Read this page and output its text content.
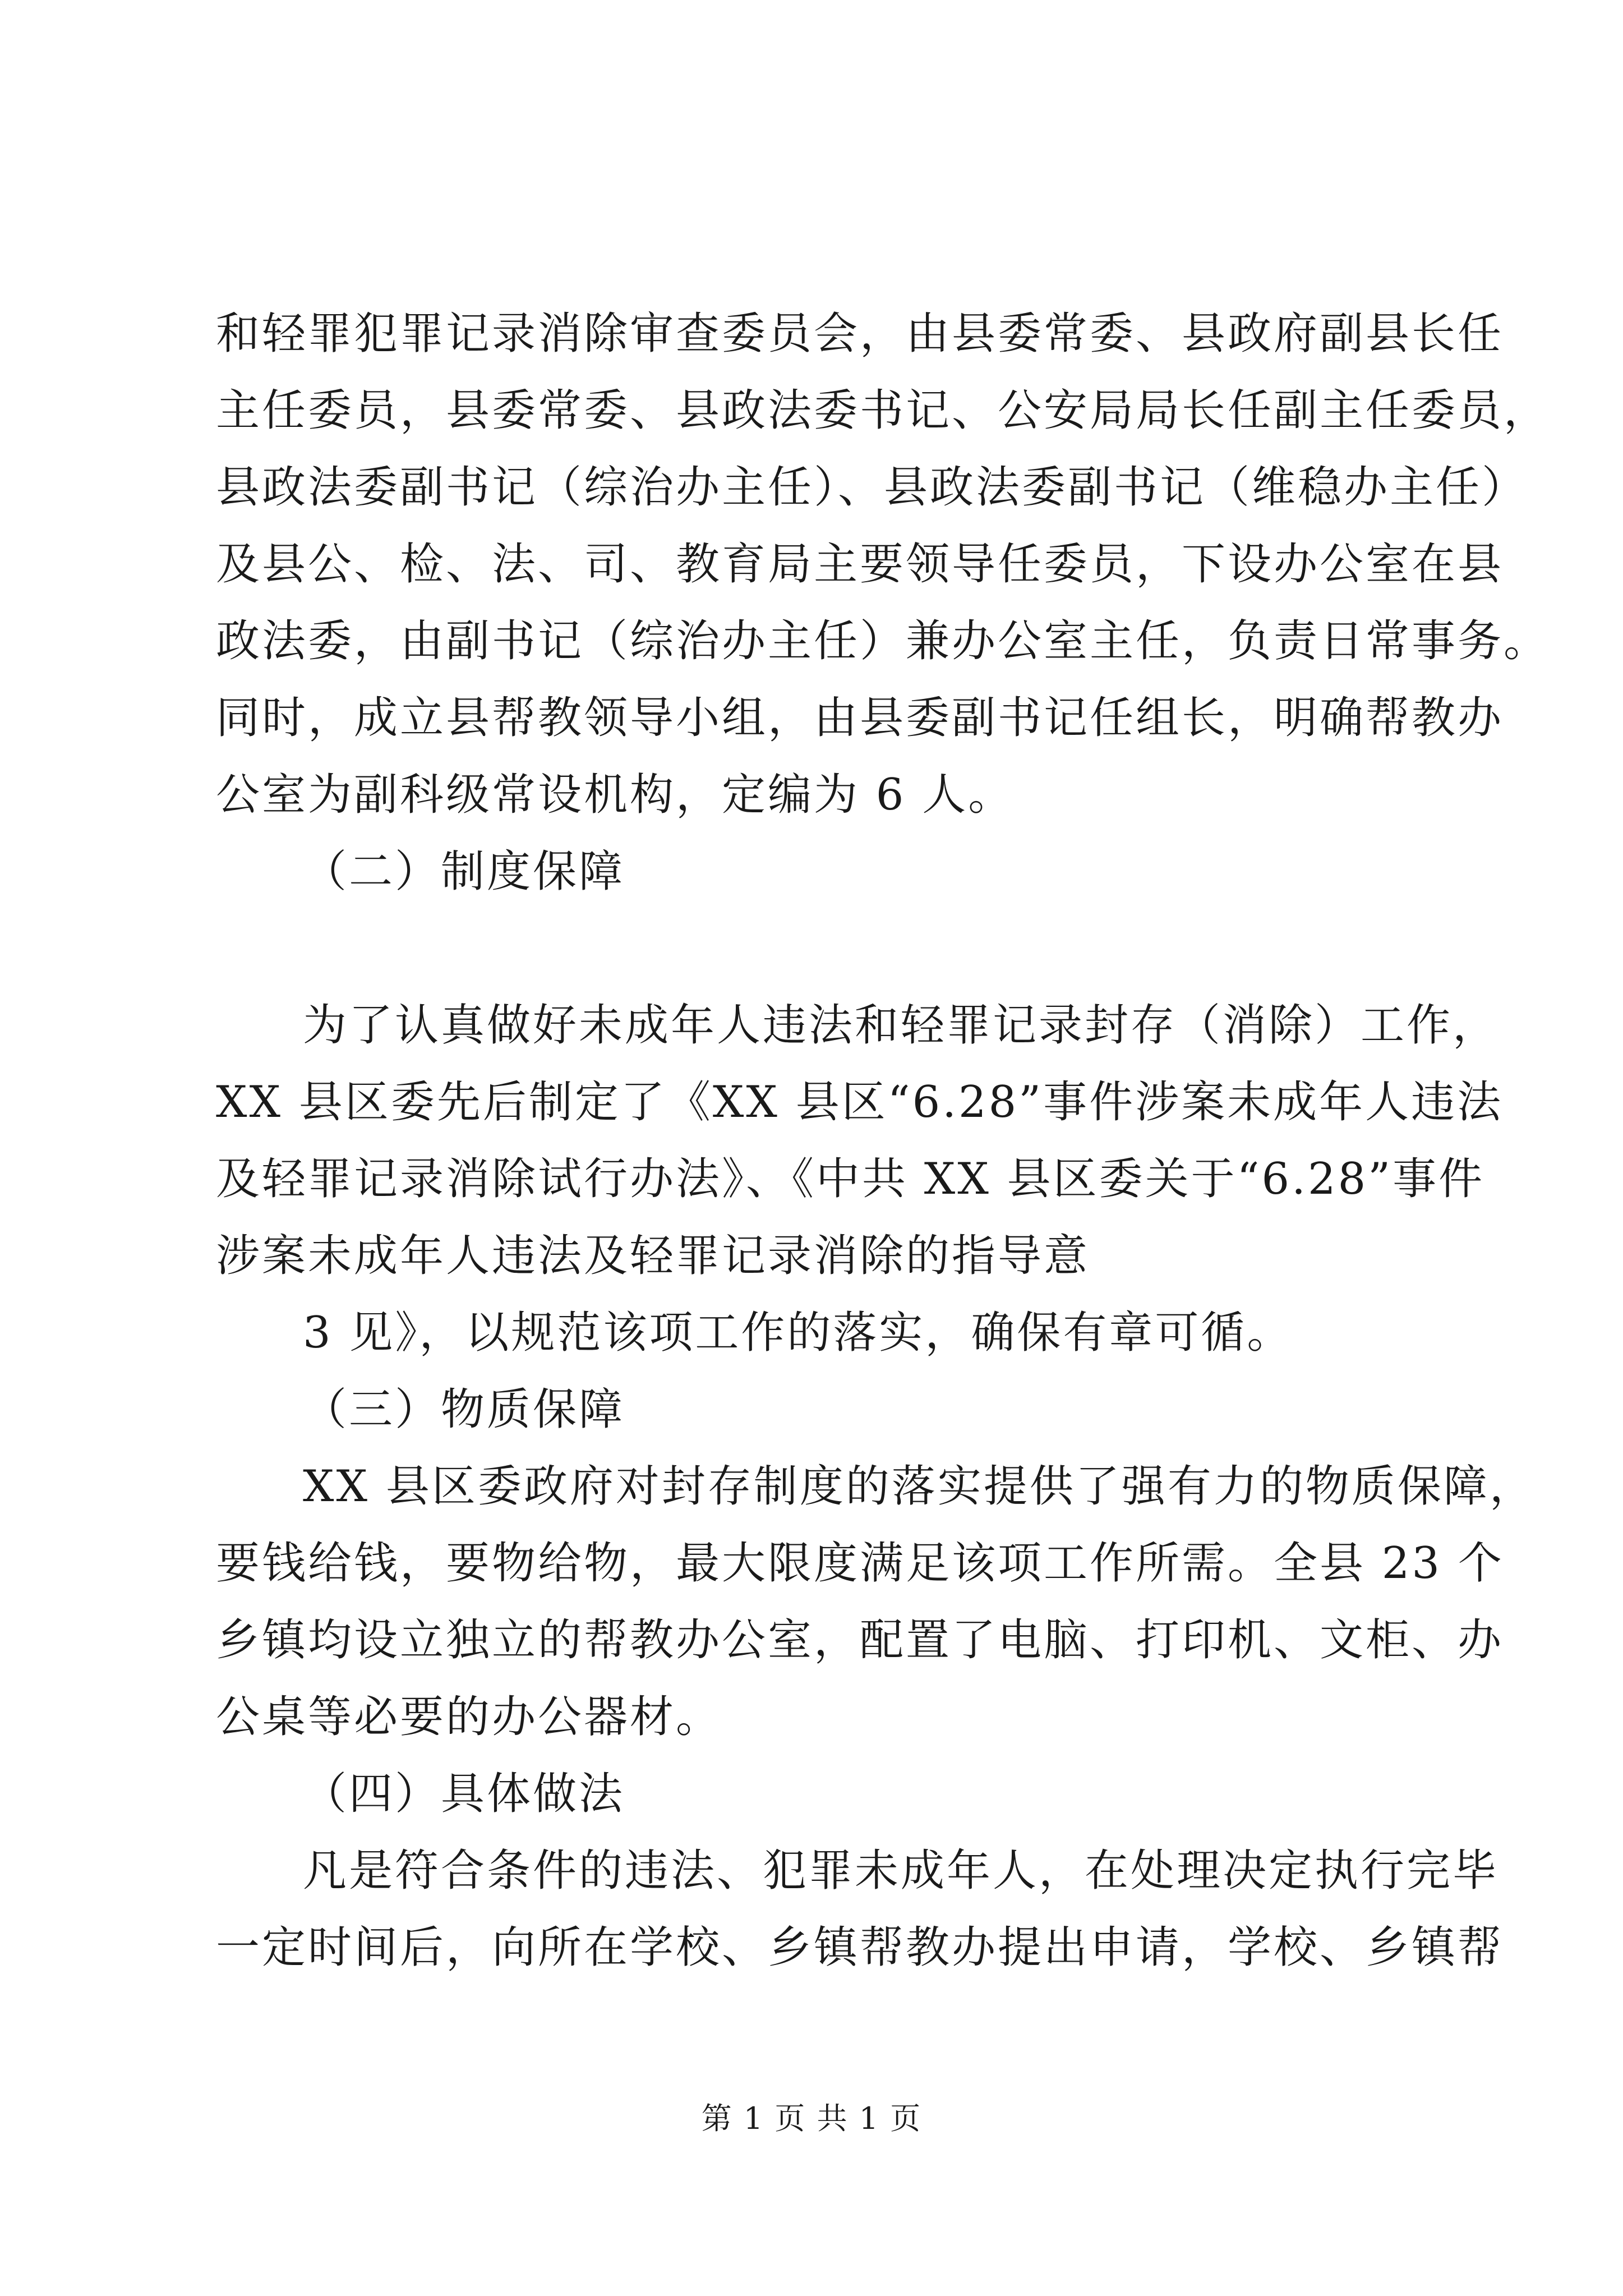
和轻罪犯罪记录消除审查委员会，由县委常委、县政府副县长任
主任委员，县委常委、县政法委书记、公安局局长任副主任委员，
县政法委副书记（综治办主任）、县政法委副书记（维稳办主任）
及县公、检、法、司、教育局主要领导任委员，下设办公室在县
政法委，由副书记（综治办主任）兼办公室主任，负责日常事务。
同时，成立县帮教领导小组，由县委副书记任组长，明确帮教办
公室为副科级常设机构，定编为 6 人。
（二）制度保障
为了认真做好未成年人违法和轻罪记录封存（消除）工作，
XX 县区委先后制定了《XX 县区“6.28”事件涉案未成年人违法
及轻罪记录消除试行办法》、《中共 XX 县区委关于“6.28”事件
涉案未成年人违法及轻罪记录消除的指导意
3 见》，以规范该项工作的落实，确保有章可循。
（三）物质保障
XX 县区委政府对封存制度的落实提供了强有力的物质保障，
要钱给钱，要物给物，最大限度满足该项工作所需。全县 23 个
乡镇均设立独立的帮教办公室，配置了电脑、打印机、文柜、办
公桌等必要的办公器材。
（四）具体做法
凡是符合条件的违法、犯罪未成年人，在处理决定执行完毕
一定时间后，向所在学校、乡镇帮教办提出申请，学校、乡镇帮
第 1 页 共 1 页
